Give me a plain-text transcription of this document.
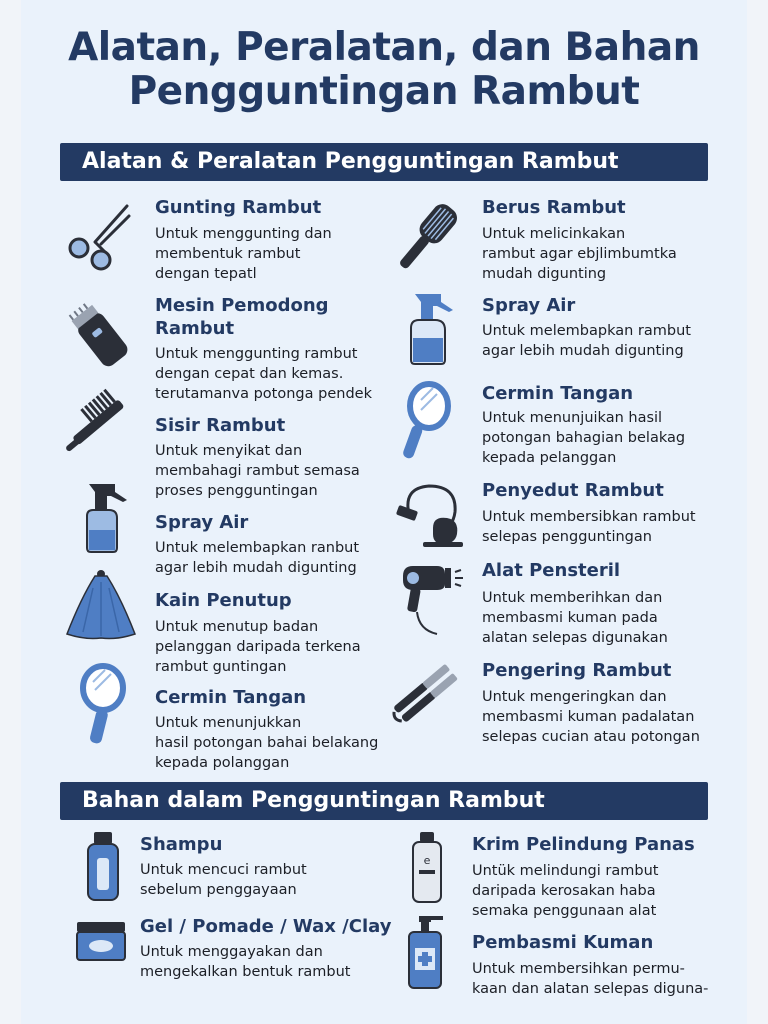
Alatan, Peralatan, dan Bahan
Pengguntingan Rambut
Alatan & Peralatan Pengguntingan Rambut
Gunting Rambut
Untuk menggunting dan
membentuk rambut
dengan tepatl
Mesin Pemodong
Rambut
Untuk menggunting rambut
dengan cepat dan kemas.
terutamanva potonga pendek
Sisir Rambut
Untuk menyikat dan
membahagi rambut semasa
proses pengguntingan
Spray Air
Untuk melembapkan ranbut
agar lebih mudah digunting
Kain Penutup
Untuk menutup badan
pelanggan daripada terkena
rambut guntingan
Cermin Tangan
Untuk menunjukkan
hasil potongan bahai belakang
kepada polanggan
Berus Rambut
Untuk melicinkakan
rambut agar ebjlimbumtka
mudah digunting
Spray Air
Untuk melembapkan rambut
agar lebih mudah digunting
Cermin Tangan
Untuk menunjuikan hasil
potongan bahagian belakag
kepada pelanggan
Penyedut Rambut
Untuk membersibkan rambut
selepas pengguntingan
Alat Pensteril
Untuk memberihkan dan
membasmi kuman pada
alatan selepas digunakan
Pengering Rambut
Untuk mengeringkan dan
membasmi kuman padalatan
selepas cucian atau potongan
Bahan dalam Pengguntingan Rambut
Shampu
Untuk mencuci rambut
sebelum penggayaan
Gel / Pomade / Wax /Clay
Untuk menggayakan dan
mengekalkan bentuk rambut
e
Krim Pelindung Panas
Untük melindungi rambut
daripada kerosakan haba
semaka penggunaan alat
Pembasmi Kuman
Untuk membersihkan permu-
kaan dan alatan selepas diguna-
